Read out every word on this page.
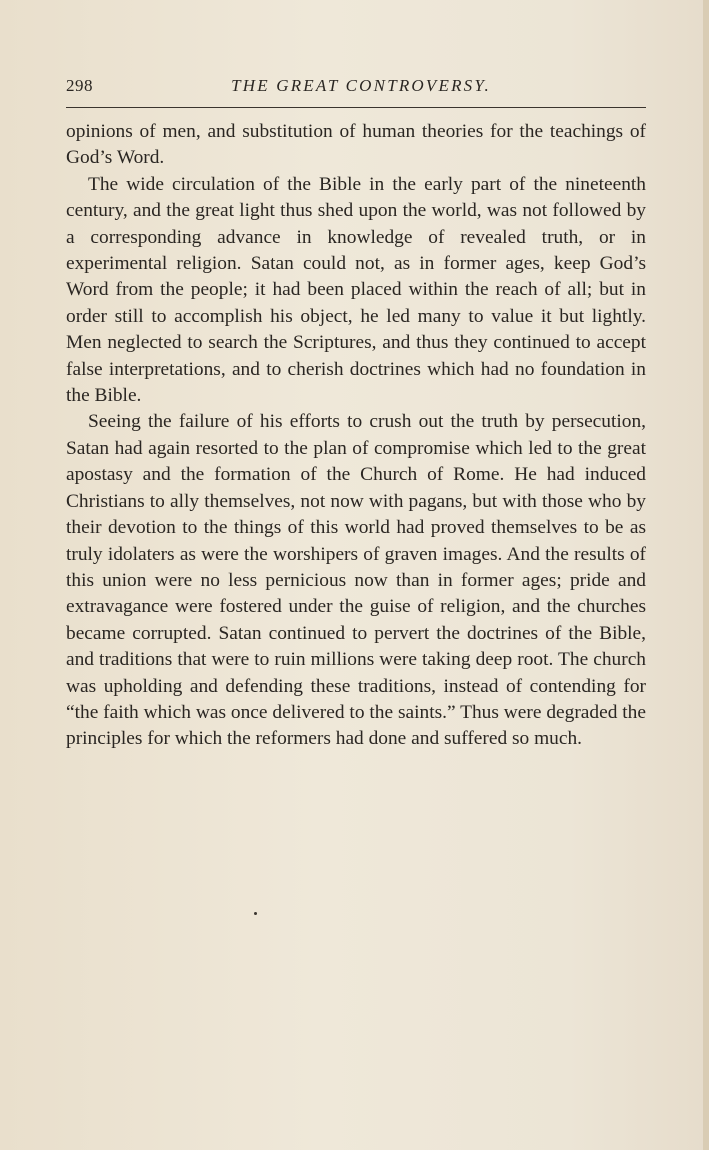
298	THE GREAT CONTROVERSY.

opinions of men, and substitution of human theories for the teachings of God’s Word.

The wide circulation of the Bible in the early part of the nineteenth century, and the great light thus shed upon the world, was not followed by a corresponding advance in knowledge of revealed truth, or in experimental religion. Satan could not, as in former ages, keep God’s Word from the people; it had been placed within the reach of all; but in order still to accomplish his object, he led many to value it but lightly. Men neglected to search the Scriptures, and thus they continued to accept false interpretations, and to cherish doctrines which had no foundation in the Bible.

Seeing the failure of his efforts to crush out the truth by persecution, Satan had again resorted to the plan of compromise which led to the great apostasy and the formation of the Church of Rome. He had induced Christians to ally themselves, not now with pagans, but with those who by their devotion to the things of this world had proved themselves to be as truly idolaters as were the worshipers of graven images. And the results of this union were no less pernicious now than in former ages; pride and extravagance were fostered under the guise of religion, and the churches became corrupted. Satan continued to pervert the doctrines of the Bible, and traditions that were to ruin millions were taking deep root. The church was upholding and defending these traditions, instead of contending for “the faith which was once delivered to the saints.” Thus were degraded the principles for which the reformers had done and suffered so much.
